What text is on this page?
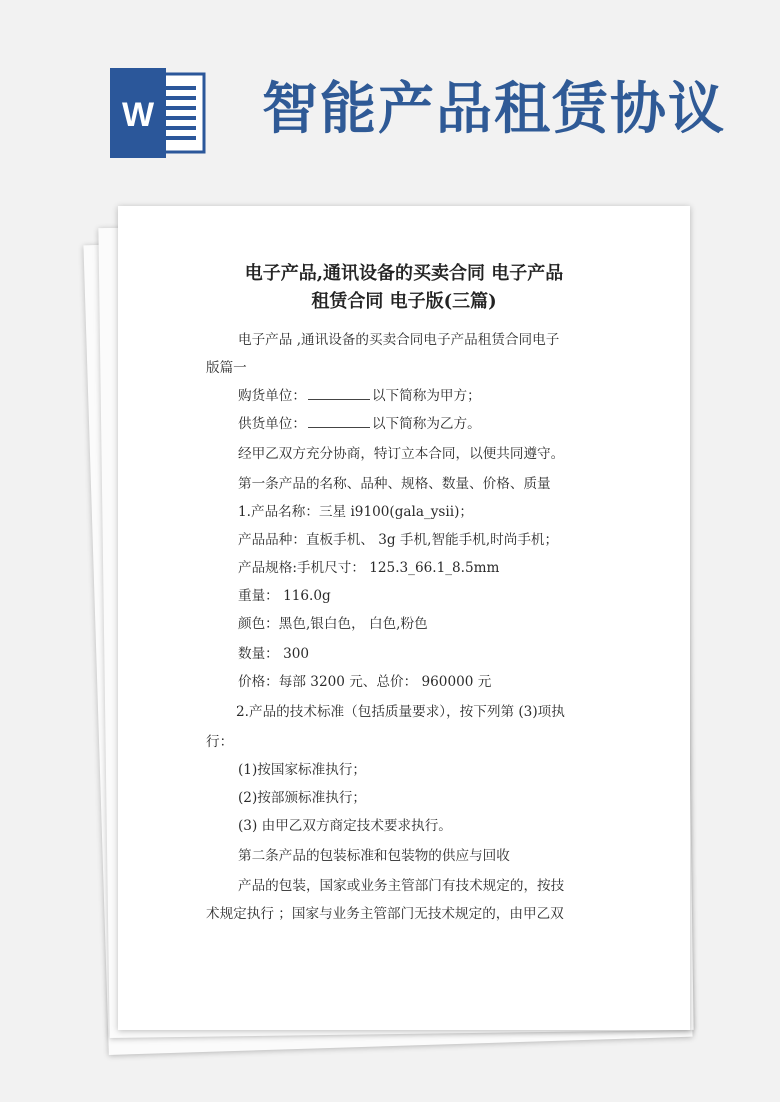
W 智能产品租赁协议
电子产品,通讯设备的买卖合同 电子产品
租赁合同 电子版(三篇)
电子产品 ,通讯设备的买卖合同电子产品租赁合同电子
版篇一
购货单位：	以下简称为甲方；
供货单位：	以下简称为乙方。
经甲乙双方充分协商，特订立本合同，以便共同遵守。
第一条产品的名称、品种、规格、数量、价格、质量
1.产品名称：三星 i9100(gala_ysii)；
产品品种：直板手机、 3g 手机,智能手机,时尚手机；
产品规格:手机尺寸： 125.3_66.1_8.5mm
重量： 116.0g
颜色：黑色,银白色， 白色,粉色
数量： 300
价格：每部 3200 元、总价： 960000 元
2.产品的技术标准（包括质量要求），按下列第 (3)项执
行：
(1)按国家标准执行；
(2)按部颁标准执行；
(3) 由甲乙双方商定技术要求执行。
第二条产品的包装标准和包装物的供应与回收
产品的包装，国家或业务主管部门有技术规定的，按技
术规定执行 ；国家与业务主管部门无技术规定的，由甲乙双
